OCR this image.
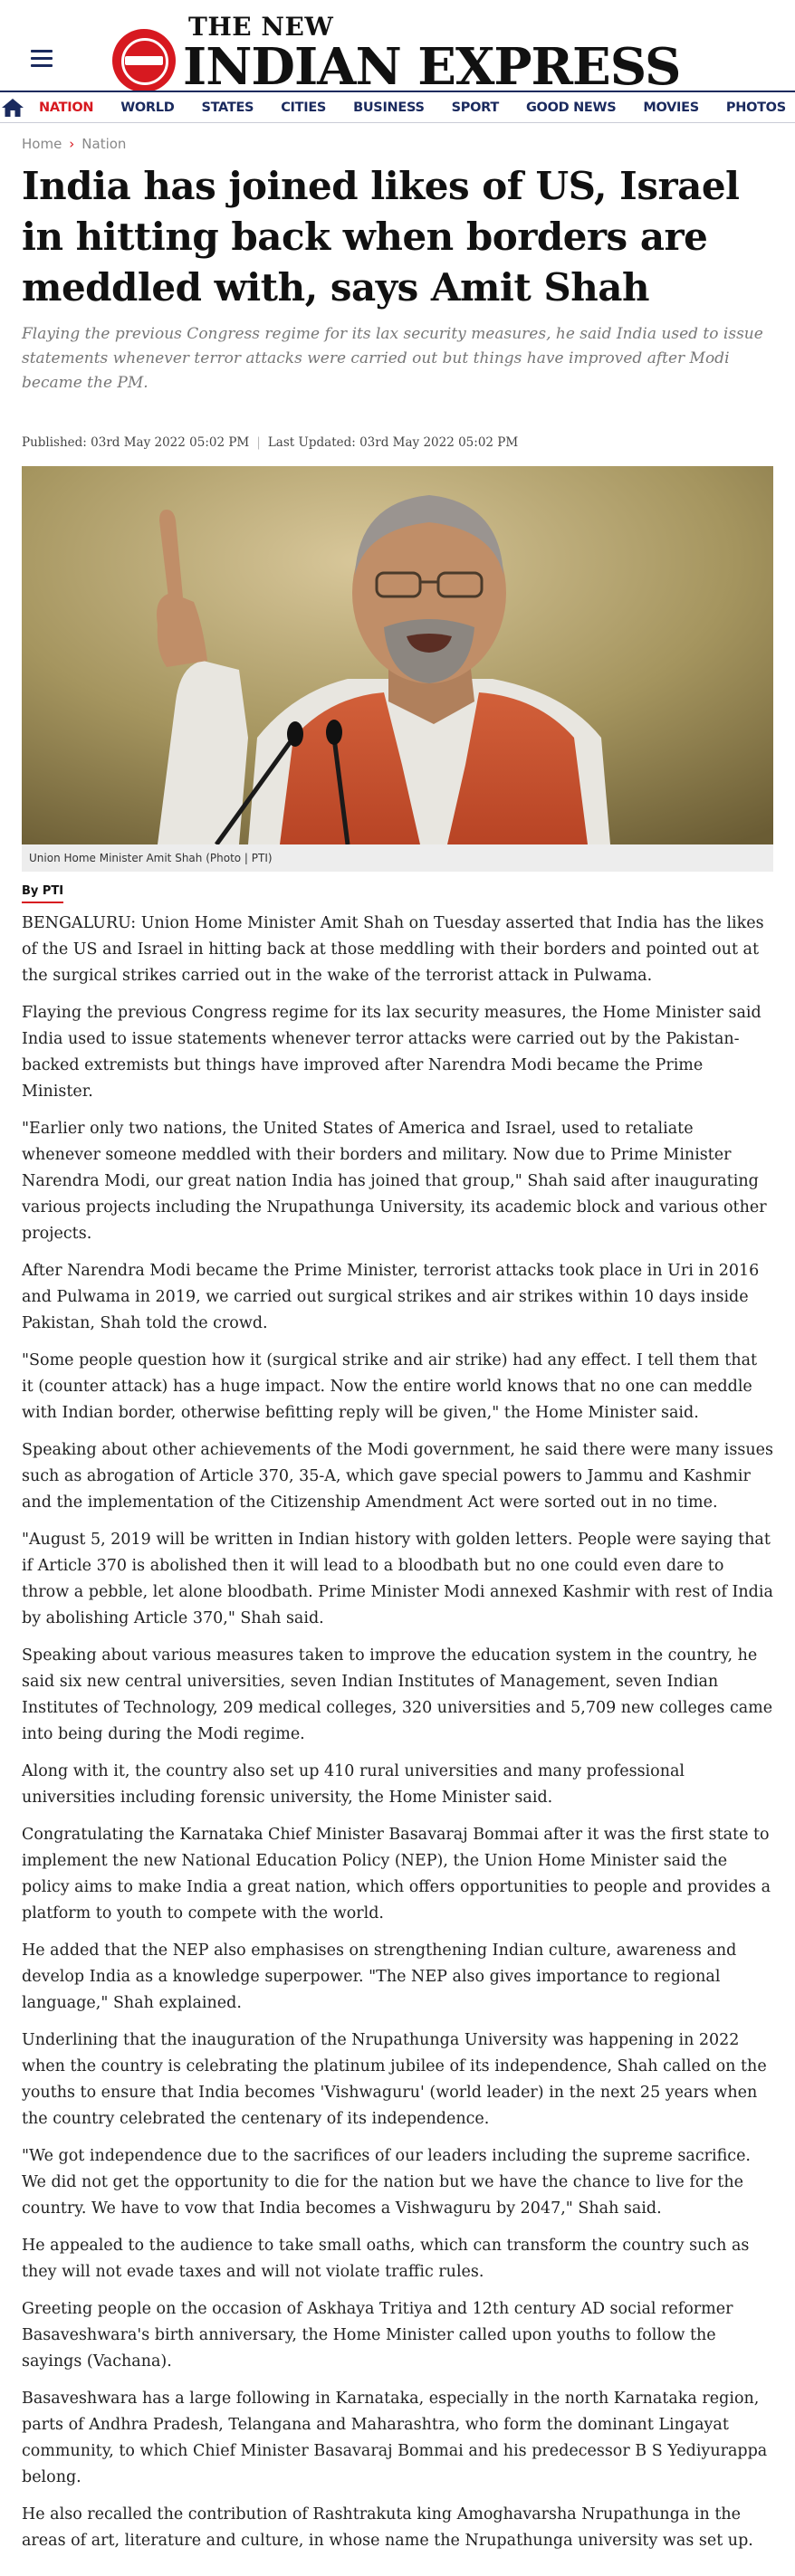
THE NEW
INDIAN EXPRESS
NATION	WORLD	STATES	CITIES	BUSINESS	SPORT	GOOD NEWS	MOVIES	PHOTOS
Home › Nation
India has joined likes of US, Israel in hitting back when borders are meddled with, says Amit Shah

Flaying the previous Congress regime for its lax security measures, he said India used to issue statements whenever terror attacks were carried out but things have improved after Modi became the PM.

Published: 03rd May 2022 05:02 PM | Last Updated: 03rd May 2022 05:02 PM
Union Home Minister Amit Shah (Photo | PTI)
By PTI

BENGALURU: Union Home Minister Amit Shah on Tuesday asserted that India has the likes of the US and Israel in hitting back at those meddling with their borders and pointed out at the surgical strikes carried out in the wake of the terrorist attack in Pulwama.

Flaying the previous Congress regime for its lax security measures, the Home Minister said India used to issue statements whenever terror attacks were carried out by the Pakistan-backed extremists but things have improved after Narendra Modi became the Prime Minister.

"Earlier only two nations, the United States of America and Israel, used to retaliate whenever someone meddled with their borders and military. Now due to Prime Minister Narendra Modi, our great nation India has joined that group," Shah said after inaugurating various projects including the Nrupathunga University, its academic block and various other projects.

After Narendra Modi became the Prime Minister, terrorist attacks took place in Uri in 2016 and Pulwama in 2019, we carried out surgical strikes and air strikes within 10 days inside Pakistan, Shah told the crowd.

"Some people question how it (surgical strike and air strike) had any effect. I tell them that it (counter attack) has a huge impact. Now the entire world knows that no one can meddle with Indian border, otherwise befitting reply will be given," the Home Minister said.

Speaking about other achievements of the Modi government, he said there were many issues such as abrogation of Article 370, 35-A, which gave special powers to Jammu and Kashmir and the implementation of the Citizenship Amendment Act were sorted out in no time.

"August 5, 2019 will be written in Indian history with golden letters. People were saying that if Article 370 is abolished then it will lead to a bloodbath but no one could even dare to throw a pebble, let alone bloodbath. Prime Minister Modi annexed Kashmir with rest of India by abolishing Article 370," Shah said.

Speaking about various measures taken to improve the education system in the country, he said six new central universities, seven Indian Institutes of Management, seven Indian Institutes of Technology, 209 medical colleges, 320 universities and 5,709 new colleges came into being during the Modi regime.

Along with it, the country also set up 410 rural universities and many professional universities including forensic university, the Home Minister said.

Congratulating the Karnataka Chief Minister Basavaraj Bommai after it was the first state to implement the new National Education Policy (NEP), the Union Home Minister said the policy aims to make India a great nation, which offers opportunities to people and provides a platform to youth to compete with the world.

He added that the NEP also emphasises on strengthening Indian culture, awareness and develop India as a knowledge superpower. "The NEP also gives importance to regional language," Shah explained.

Underlining that the inauguration of the Nrupathunga University was happening in 2022 when the country is celebrating the platinum jubilee of its independence, Shah called on the youths to ensure that India becomes 'Vishwaguru' (world leader) in the next 25 years when the country celebrated the centenary of its independence.

"We got independence due to the sacrifices of our leaders including the supreme sacrifice. We did not get the opportunity to die for the nation but we have the chance to live for the country. We have to vow that India becomes a Vishwaguru by 2047," Shah said.

He appealed to the audience to take small oaths, which can transform the country such as they will not evade taxes and will not violate traffic rules.

Greeting people on the occasion of Askhaya Tritiya and 12th century AD social reformer Basaveshwara's birth anniversary, the Home Minister called upon youths to follow the sayings (Vachana).

Basaveshwara has a large following in Karnataka, especially in the north Karnataka region, parts of Andhra Pradesh, Telangana and Maharashtra, who form the dominant Lingayat community, to which Chief Minister Basavaraj Bommai and his predecessor B S Yediyurappa belong.

He also recalled the contribution of Rashtrakuta king Amoghavarsha Nrupathunga in the areas of art, literature and culture, in whose name the Nrupathunga university was set up.
